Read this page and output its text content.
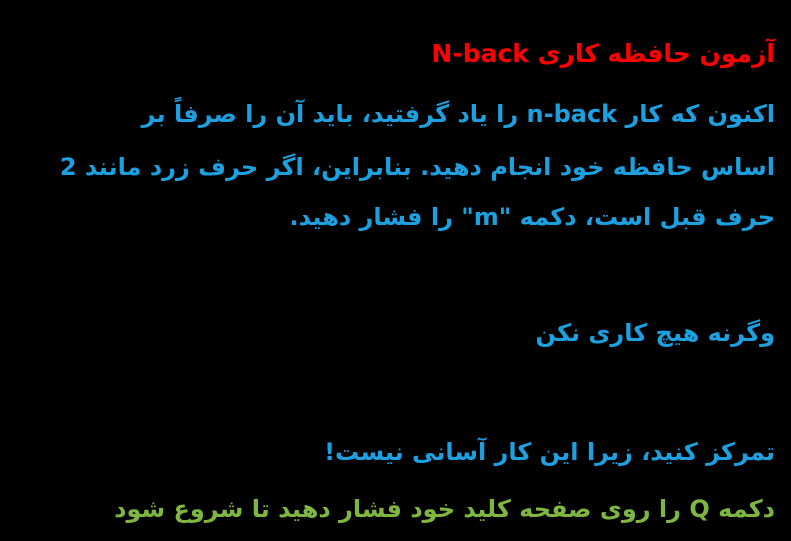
آزمون حافظه کاری N-back
اکنون که کار n-back را یاد گرفتید، باید آن را صرفاً بر
اساس حافظه خود انجام دهید. بنابراین، اگر حرف زرد مانند 2
حرف قبل است، دکمه "m" را فشار دهید.
وگرنه هیچ کاری نکن
تمرکز کنید، زیرا این کار آسانی نیست!
دکمه Q را روی صفحه کلید خود فشار دهید تا شروع شود
